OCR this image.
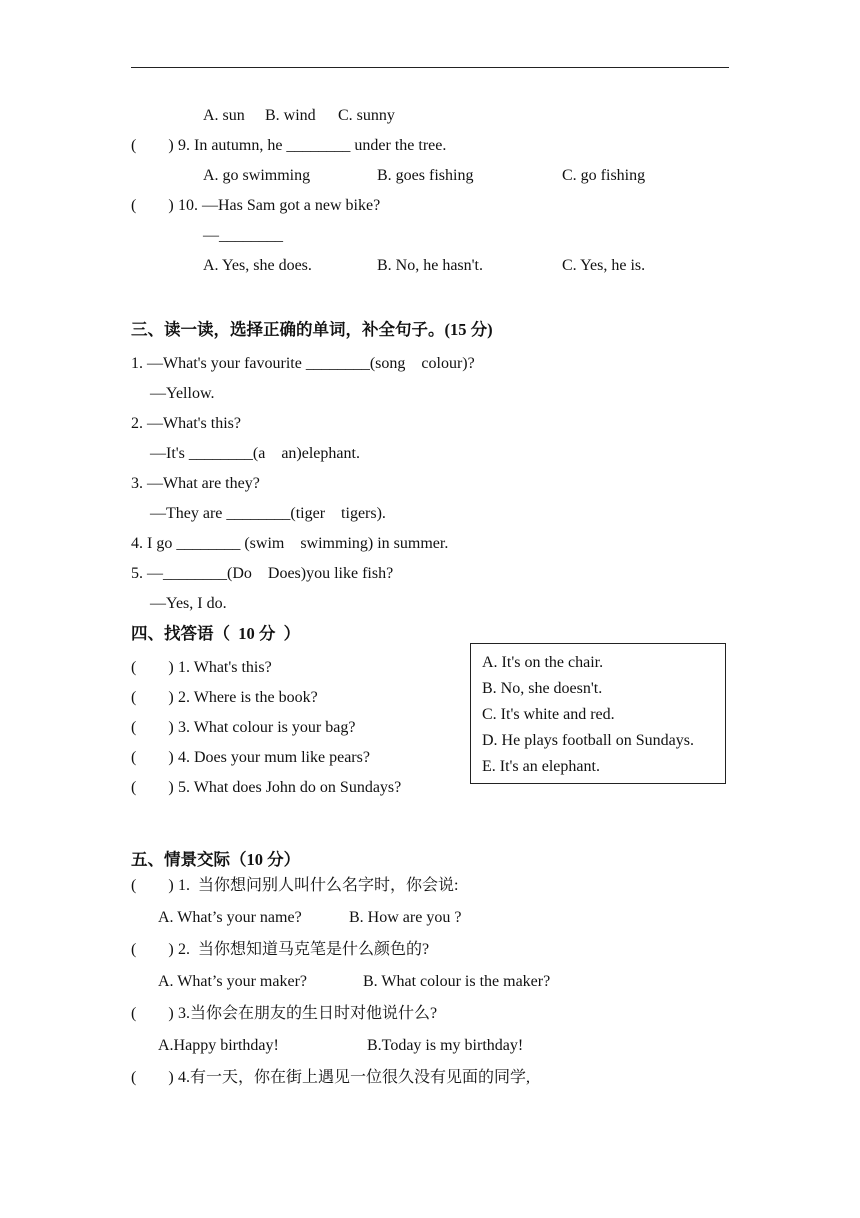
A. sun B. wind C. sunny
(        ) 9. In autumn, he ________ under the tree.
A. go swimming	B. goes fishing	C. go fishing
(        ) 10. —Has Sam got a new bike?
—________
A. Yes, she does.	B. No, he hasn't.	C. Yes, he is.
三、读一读，选择正确的单词，补全句子。(15 分)
1. —What's your favourite ________(song    colour)?
—Yellow.
2. —What's this?
—It's ________(a    an)elephant.
3. —What are they?
—They are ________(tiger    tigers).
4. I go ________ (swim    swimming) in summer.
5. —________(Do    Does)you like fish?
—Yes, I do.
四、找答语（  10 分  ）
(        ) 1. What's this?
(        ) 2. Where is the book?
(        ) 3. What colour is your bag?
(        ) 4. Does your mum like pears?
(        ) 5. What does John do on Sundays?
A. It's on the chair.
B. No, she doesn't.
C. It's white and red.
D. He plays football on Sundays.
E. It's an elephant.
五、情景交际（10 分）
(        ) 1.  当你想问别人叫什么名字时，你会说:
A. What’s your name?	B. How are you ?
(        ) 2.  当你想知道马克笔是什么颜色的?
A. What’s your maker?	B. What colour is the maker?
(        ) 3.当你会在朋友的生日时对他说什么?
A.Happy birthday!	B.Today is my birthday!
(        ) 4.有一天，你在街上遇见一位很久没有见面的同学,
